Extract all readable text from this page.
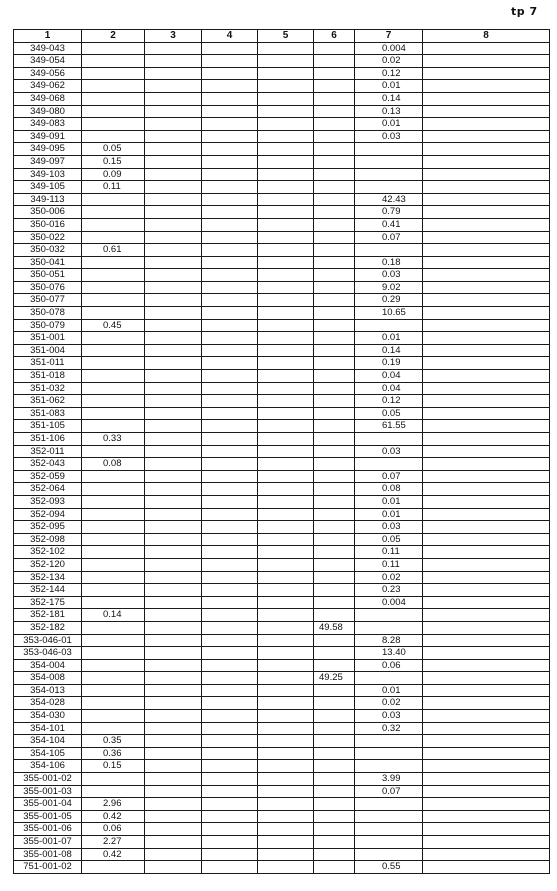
tp 7
1	2	3	4	5	6	7	8
349-043						0.004	
349-054						0.02	
349-056						0.12	
349-062						0.01	
349-068						0.14	
349-080						0.13	
349-083						0.01	
349-091						0.03	
349-095	0.05						
349-097	0.15						
349-103	0.09						
349-105	0.11						
349-113						42.43	
350-006						0.79	
350-016						0.41	
350-022						0.07	
350-032	0.61						
350-041						0.18	
350-051						0.03	
350-076						9.02	
350-077						0.29	
350-078						10.65	
350-079	0.45						
351-001						0.01	
351-004						0.14	
351-011						0.19	
351-018						0.04	
351-032						0.04	
351-062						0.12	
351-083						0.05	
351-105						61.55	
351-106	0.33						
352-011						0.03	
352-043	0.08						
352-059						0.07	
352-064						0.08	
352-093						0.01	
352-094						0.01	
352-095						0.03	
352-098						0.05	
352-102						0.11	
352-120						0.11	
352-134						0.02	
352-144						0.23	
352-175						0.004	
352-181	0.14						
352-182					49.58		
353-046-01						8.28	
353-046-03						13.40	
354-004						0.06	
354-008					49.25		
354-013						0.01	
354-028						0.02	
354-030						0.03	
354-101						0.32	
354-104	0.35						
354-105	0.36						
354-106	0.15						
355-001-02						3.99	
355-001-03						0.07	
355-001-04	2.96						
355-001-05	0.42						
355-001-06	0.06						
355-001-07	2.27						
355-001-08	0.42						
751-001-02						0.55	
